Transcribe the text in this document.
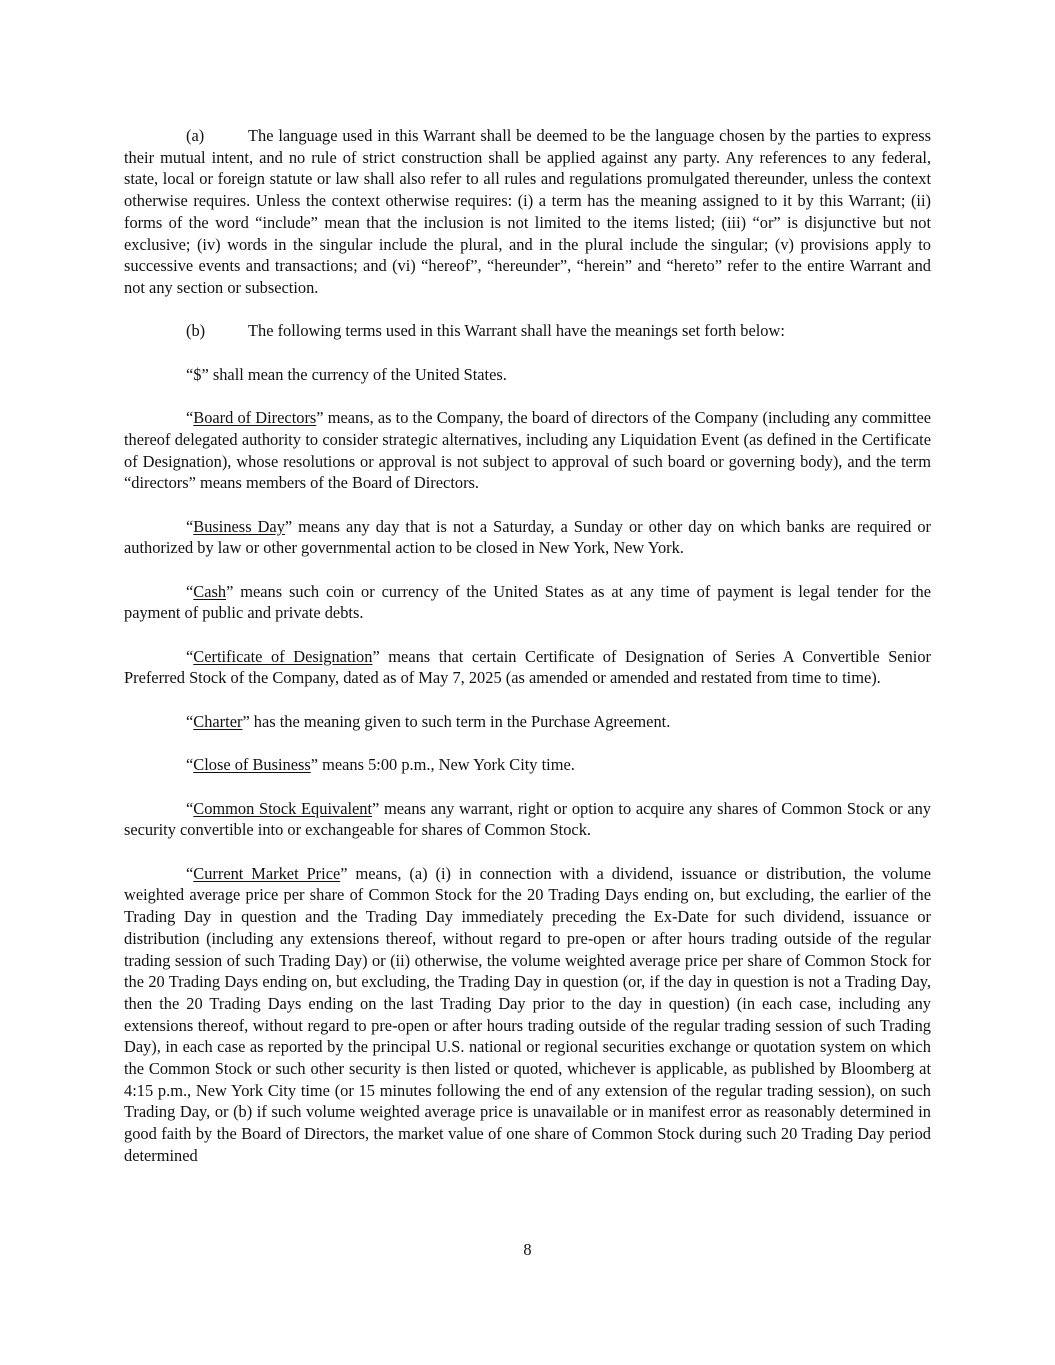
(a)	The language used in this Warrant shall be deemed to be the language chosen by the parties to express their mutual intent, and no rule of strict construction shall be applied against any party. Any references to any federal, state, local or foreign statute or law shall also refer to all rules and regulations promulgated thereunder, unless the context otherwise requires. Unless the context otherwise requires: (i) a term has the meaning assigned to it by this Warrant; (ii) forms of the word “include” mean that the inclusion is not limited to the items listed; (iii) “or” is disjunctive but not exclusive; (iv) words in the singular include the plural, and in the plural include the singular; (v) provisions apply to successive events and transactions; and (vi) “hereof”, “hereunder”, “herein” and “hereto” refer to the entire Warrant and not any section or subsection.

(b)	The following terms used in this Warrant shall have the meanings set forth below:

“$” shall mean the currency of the United States.

“Board of Directors” means, as to the Company, the board of directors of the Company (including any committee thereof delegated authority to consider strategic alternatives, including any Liquidation Event (as defined in the Certificate of Designation), whose resolutions or approval is not subject to approval of such board or governing body), and the term “directors” means members of the Board of Directors.

“Business Day” means any day that is not a Saturday, a Sunday or other day on which banks are required or authorized by law or other governmental action to be closed in New York, New York.

“Cash” means such coin or currency of the United States as at any time of payment is legal tender for the payment of public and private debts.

“Certificate of Designation” means that certain Certificate of Designation of Series A Convertible Senior Preferred Stock of the Company, dated as of May 7, 2025 (as amended or amended and restated from time to time).

“Charter” has the meaning given to such term in the Purchase Agreement.

“Close of Business” means 5:00 p.m., New York City time.

“Common Stock Equivalent” means any warrant, right or option to acquire any shares of Common Stock or any security convertible into or exchangeable for shares of Common Stock.

“Current Market Price” means, (a) (i) in connection with a dividend, issuance or distribution, the volume weighted average price per share of Common Stock for the 20 Trading Days ending on, but excluding, the earlier of the Trading Day in question and the Trading Day immediately preceding the Ex-Date for such dividend, issuance or distribution (including any extensions thereof, without regard to pre-open or after hours trading outside of the regular trading session of such Trading Day) or (ii) otherwise, the volume weighted average price per share of Common Stock for the 20 Trading Days ending on, but excluding, the Trading Day in question (or, if the day in question is not a Trading Day, then the 20 Trading Days ending on the last Trading Day prior to the day in question) (in each case, including any extensions thereof, without regard to pre-open or after hours trading outside of the regular trading session of such Trading Day), in each case as reported by the principal U.S. national or regional securities exchange or quotation system on which the Common Stock or such other security is then listed or quoted, whichever is applicable, as published by Bloomberg at 4:15 p.m., New York City time (or 15 minutes following the end of any extension of the regular trading session), on such Trading Day, or (b) if such volume weighted average price is unavailable or in manifest error as reasonably determined in good faith by the Board of Directors, the market value of one share of Common Stock during such 20 Trading Day period determined

8
